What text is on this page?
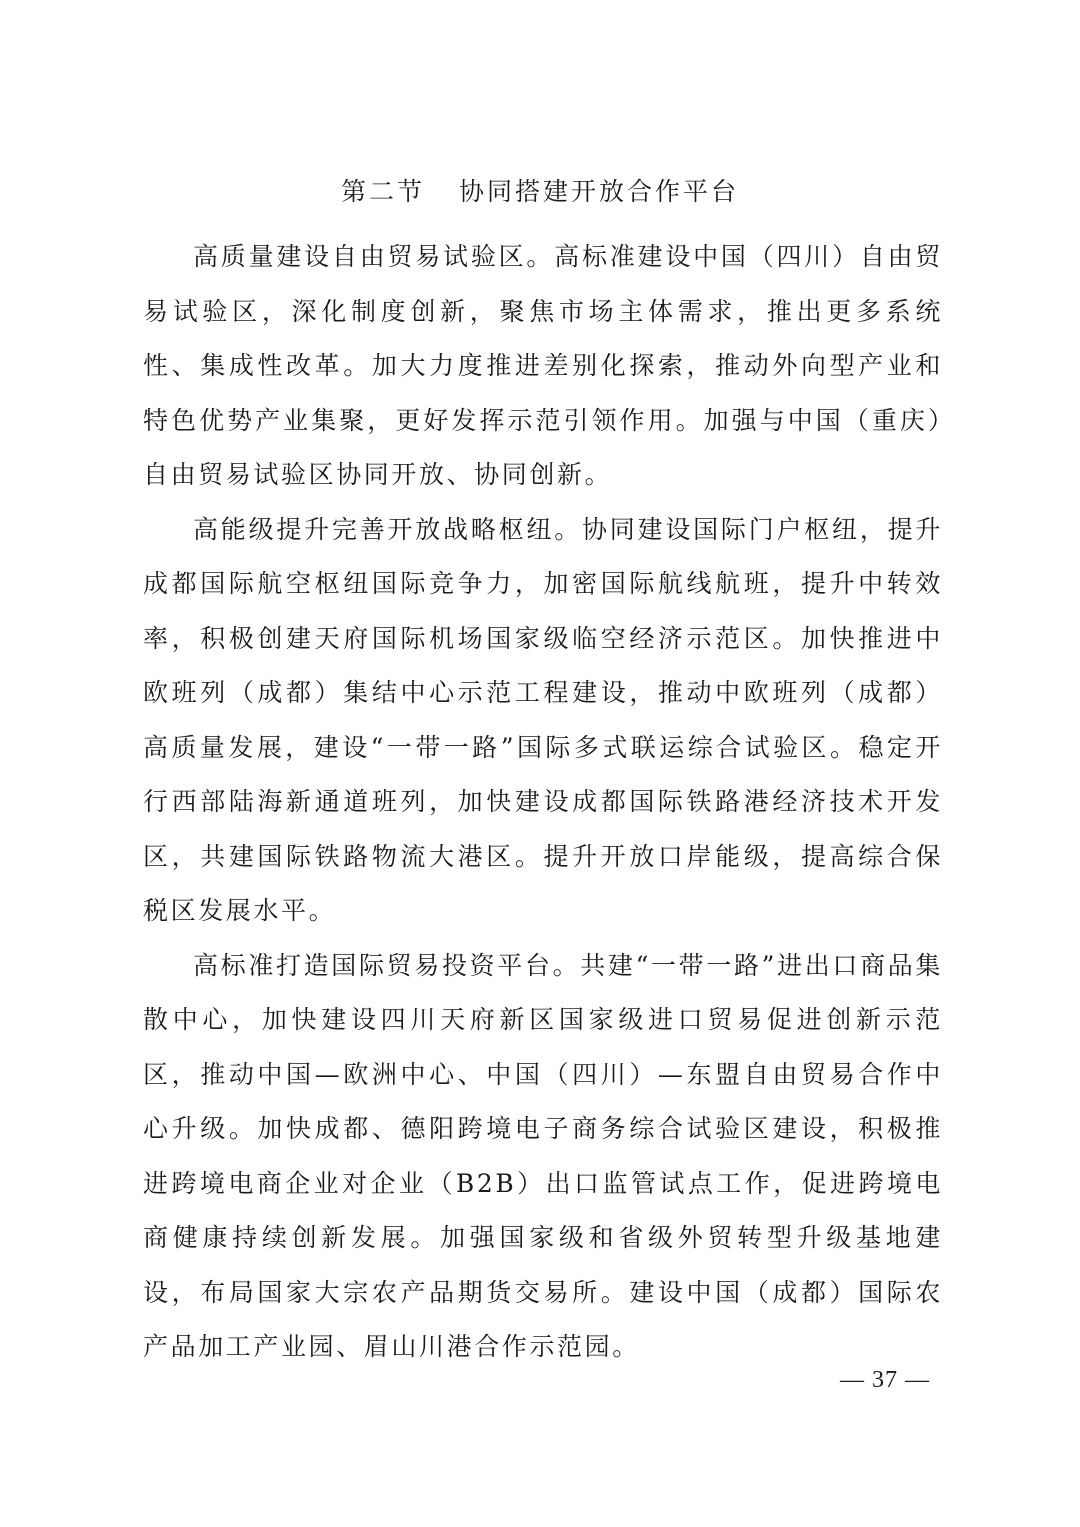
第二节 协同搭建开放合作平台

高质量建设自由贸易试验区。高标准建设中国（四川）自由贸易试验区，深化制度创新，聚焦市场主体需求，推出更多系统性、集成性改革。加大力度推进差别化探索，推动外向型产业和特色优势产业集聚，更好发挥示范引领作用。加强与中国（重庆）自由贸易试验区协同开放、协同创新。

高能级提升完善开放战略枢纽。协同建设国际门户枢纽，提升成都国际航空枢纽国际竞争力，加密国际航线航班，提升中转效率，积极创建天府国际机场国家级临空经济示范区。加快推进中欧班列（成都）集结中心示范工程建设，推动中欧班列（成都）高质量发展，建设“一带一路”国际多式联运综合试验区。稳定开行西部陆海新通道班列，加快建设成都国际铁路港经济技术开发区，共建国际铁路物流大港区。提升开放口岸能级，提高综合保税区发展水平。

高标准打造国际贸易投资平台。共建“一带一路”进出口商品集散中心，加快建设四川天府新区国家级进口贸易促进创新示范区，推动中国—欧洲中心、中国（四川）—东盟自由贸易合作中心升级。加快成都、德阳跨境电子商务综合试验区建设，积极推进跨境电商企业对企业（B2B）出口监管试点工作，促进跨境电商健康持续创新发展。加强国家级和省级外贸转型升级基地建设，布局国家大宗农产品期货交易所。建设中国（成都）国际农产品加工产业园、眉山川港合作示范园。

— 37 —
